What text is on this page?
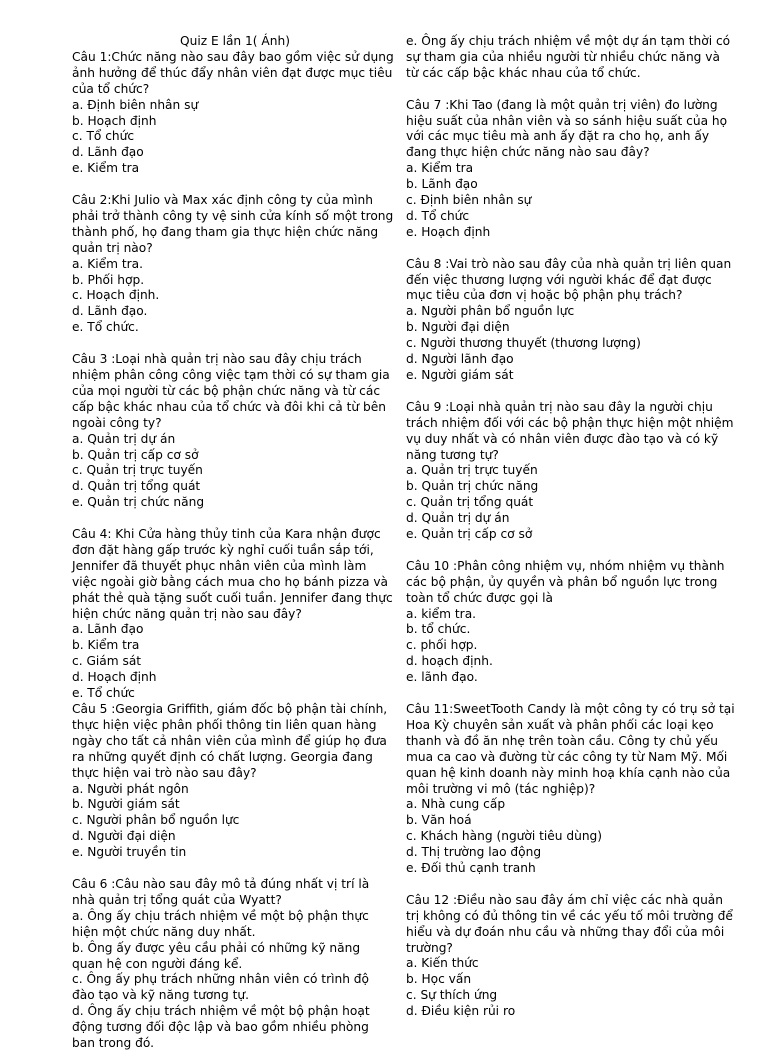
Quiz E lần 1( Ánh)

Câu 1:Chức năng nào sau đây bao gồm việc sử dụng ảnh hưởng để thúc đẩy nhân viên đạt được mục tiêu của tổ chức?

a. Định biên nhân sự

b. Hoạch định

c. Tổ chức

d. Lãnh đạo

e. Kiểm tra

Câu 2:Khi Julio và Max xác định công ty của mình phải trở thành công ty vệ sinh cửa kính số một trong thành phố, họ đang tham gia thực hiện chức năng quản trị nào?

a. Kiểm tra.

b. Phối hợp.

c. Hoạch định.

d. Lãnh đạo.

e. Tổ chức.

Câu 3 :Loại nhà quản trị nào sau đây chịu trách nhiệm phân công công việc tạm thời có sự tham gia của mọi người từ các bộ phận chức năng và từ các cấp bậc khác nhau của tổ chức và đôi khi cả từ bên ngoài công ty?

a. Quản trị dự án

b. Quản trị cấp cơ sở

c. Quản trị trực tuyến

d. Quản trị tổng quát

e. Quản trị chức năng

Câu 4: Khi Cửa hàng thủy tinh của Kara nhận được đơn đặt hàng gấp trước kỳ nghỉ cuối tuần sắp tới, Jennifer đã thuyết phục nhân viên của mình làm việc ngoài giờ bằng cách mua cho họ bánh pizza và phát thẻ quà tặng suốt cuối tuần. Jennifer đang thực hiện chức năng quản trị nào sau đây?

a. Lãnh đạo

b. Kiểm tra

c. Giám sát

d. Hoạch định

e. Tổ chức

Câu 5 :Georgia Griffith, giám đốc bộ phận tài chính, thực hiện việc phân phối thông tin liên quan hàng ngày cho tất cả nhân viên của mình để giúp họ đưa ra những quyết định có chất lượng. Georgia đang thực hiện vai trò nào sau đây?

a. Người phát ngôn

b. Người giám sát

c. Người phân bổ nguồn lực

d. Người đại diện

e. Người truyền tin

Câu 6 :Câu nào sau đây mô tả đúng nhất vị trí là nhà quản trị tổng quát của Wyatt?

a. Ông ấy chịu trách nhiệm về một bộ phận thực hiện một chức năng duy nhất.

b. Ông ấy được yêu cầu phải có những kỹ năng quan hệ con người đáng kể.

c. Ông ấy phụ trách những nhân viên có trình độ đào tạo và kỹ năng tương tự.

d. Ông ấy chịu trách nhiệm về một bộ phận hoạt động tương đối độc lập và bao gồm nhiều phòng ban trong đó.

e. Ông ấy chịu trách nhiệm về một dự án tạm thời có sự tham gia của nhiều người từ nhiều chức năng và từ các cấp bậc khác nhau của tổ chức.

Câu 7 :Khi Tao (đang là một quản trị viên) đo lường hiệu suất của nhân viên và so sánh hiệu suất của họ với các mục tiêu mà anh ấy đặt ra cho họ, anh ấy đang thực hiện chức năng nào sau đây?

a. Kiểm tra

b. Lãnh đạo

c. Định biên nhân sự

d. Tổ chức

e. Hoạch định

Câu 8 :Vai trò nào sau đây của nhà quản trị liên quan đến việc thương lượng với người khác để đạt được mục tiêu của đơn vị hoặc bộ phận phụ trách?

a. Người phân bổ nguồn lực

b. Người đại diện

c. Người thương thuyết (thương lượng)

d. Người lãnh đạo

e. Người giám sát

Câu 9 :Loại nhà quản trị nào sau đây la người chịu trách nhiệm đối với các bộ phận thực hiện một nhiệm vụ duy nhất và có nhân viên được đào tạo và có kỹ năng tương tự?

a. Quản trị trực tuyến

b. Quản trị chức năng

c. Quản trị tổng quát

d. Quản trị dự án

e. Quản trị cấp cơ sở

Câu 10 :Phân công nhiệm vụ, nhóm nhiệm vụ thành các bộ phận, ủy quyền và phân bổ nguồn lực trong toàn tổ chức được gọi là

a. kiểm tra.

b. tổ chức.

c. phối hợp.

d. hoạch định.

e. lãnh đạo.

Câu 11:SweetTooth Candy là một công ty có trụ sở tại Hoa Kỳ chuyên sản xuất và phân phối các loại kẹo thanh và đồ ăn nhẹ trên toàn cầu. Công ty chủ yếu mua ca cao và đường từ các công ty từ Nam Mỹ. Mối quan hệ kinh doanh này minh hoạ khía cạnh nào của môi trường vi mô (tác nghiệp)?

a. Nhà cung cấp

b. Văn hoá

c. Khách hàng (người tiêu dùng)

d. Thị trường lao động

e. Đối thủ cạnh tranh

Câu 12 :Điều nào sau đây ám chỉ việc các nhà quản trị không có đủ thông tin về các yếu tố môi trường để hiểu và dự đoán nhu cầu và những thay đổi của môi trường?

a. Kiến thức

b. Học vấn

c. Sự thích ứng

d. Điều kiện rủi ro
